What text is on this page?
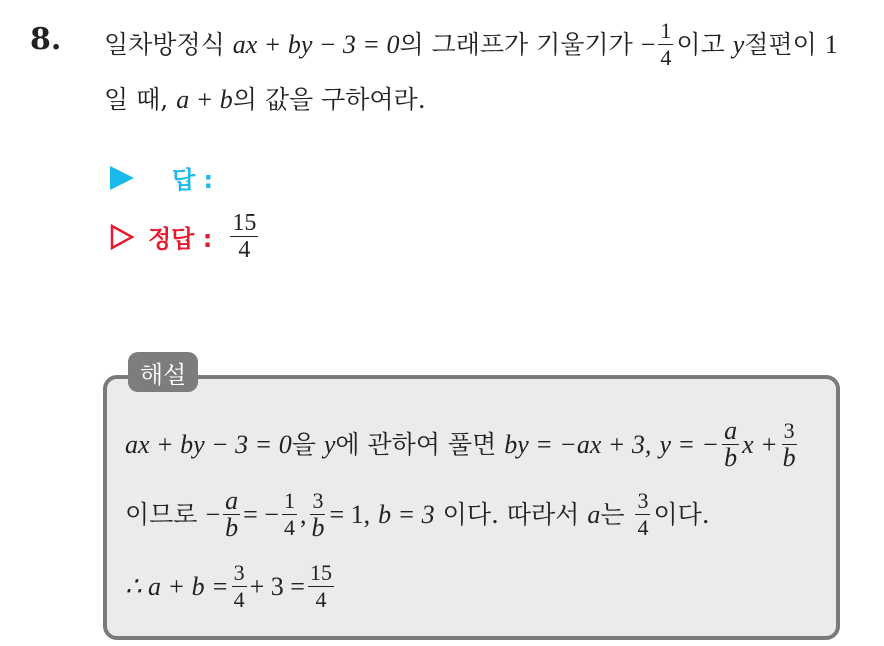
8. 일차방정식 ax + by − 3 = 0 의 그래프가 기울기가 − $\frac{1}{4}$ 이고 y 절편이 1
일 때, a + b 의 값을 구하여라.
답 :
정답 : $\frac{15}{4}$
해설
ax + by − 3 = 0 을 y 에 관하여 풀면 by = −ax + 3, y = − $\frac{a}{b}$ $x + \frac{3}{b}$
이므로 − $\frac{a}{b}$ = − $\frac{1}{4}$ , $\frac{3}{b} = 1$, b = 3 이다. 따라서 a 는 $\frac{3}{4}$ 이다.
∴ $a + b = \frac{3}{4} + 3 = \frac{15}{4}$
